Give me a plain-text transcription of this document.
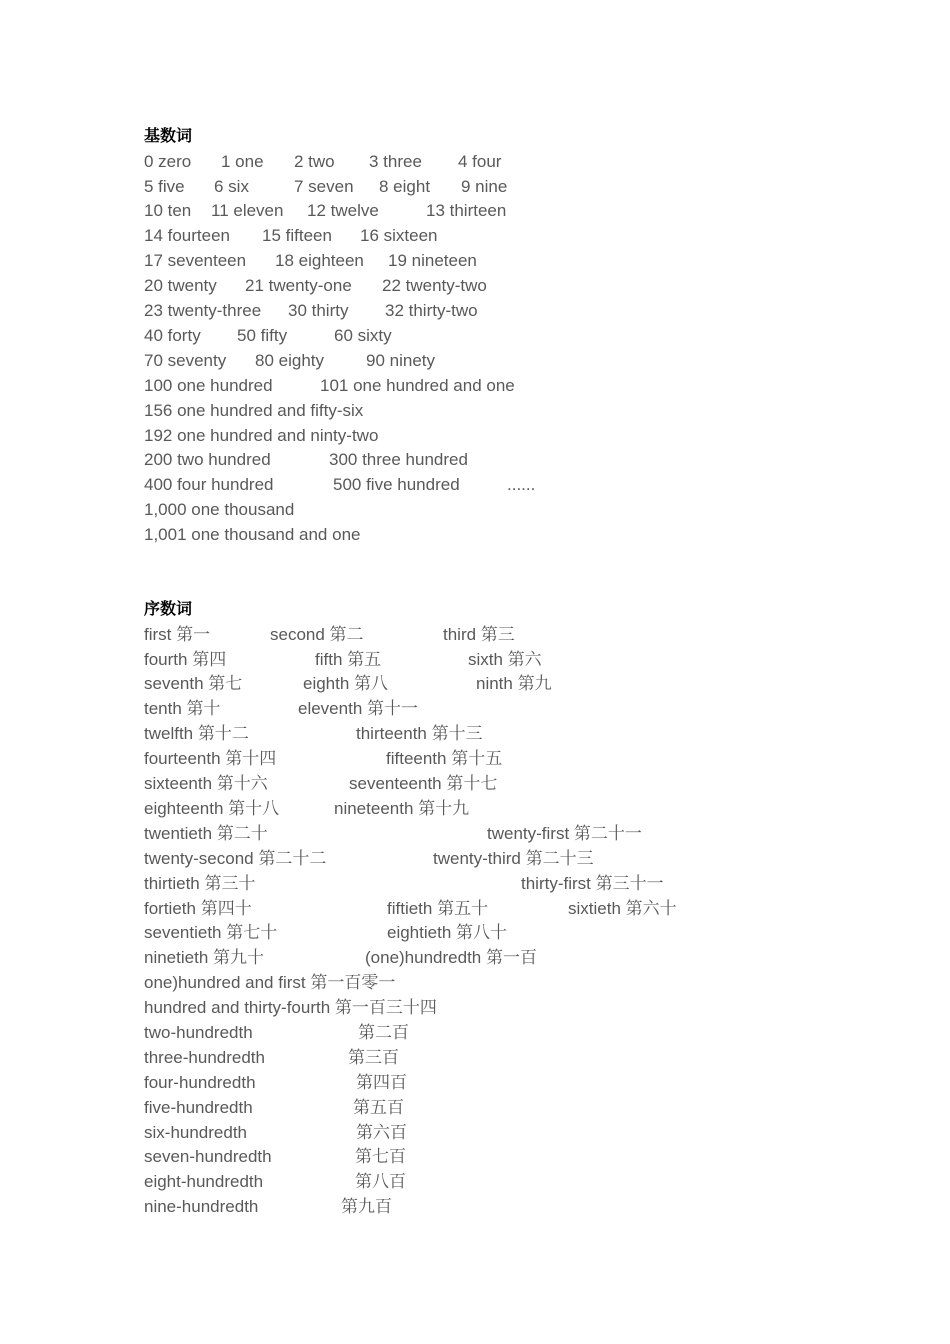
基数词
0 zero 1 one 2 two 3 three 4 four
5 five 6 six	7 seven 8 eight 9 nine
10 ten 11 eleven 12 twelve	13 thirteen
14 fourteen 15 fifteen 16 sixteen
17 seventeen 18 eighteen 19 nineteen
20 twenty 21 twenty-one 22 twenty-two
23 twenty-three 30 thirty 32 thirty-two
40 forty 50 fifty	60 sixty
70 seventy 80 eighty 90 ninety
100 one hundred	101 one hundred and one
156 one hundred and fifty-six
192 one hundred and ninty-two
200 two hundred	300 three hundred
400 four hundred	500 five hundred	......
1,000 one thousand
1,001 one thousand and one
序数词
first 第一	second 第二	third 第三
fourth 第四	fifth 第五	sixth 第六
seventh 第七	eighth 第八	ninth 第九
tenth 第十	eleventh 第十一
twelfth 第十二	thirteenth 第十三
fourteenth 第十四	fifteenth 第十五
sixteenth 第十六	seventeenth 第十七
eighteenth 第十八	nineteenth 第十九
twentieth 第二十	twenty-first 第二十一
twenty-second 第二十二	twenty-third 第二十三
thirtieth 第三十	thirty-first 第三十一
fortieth 第四十	fiftieth 第五十	sixtieth 第六十
seventieth 第七十	eightieth 第八十
ninetieth 第九十	(one)hundredth 第一百
one)hundred and first 第一百零一
hundred and thirty-fourth 第一百三十四
two-hundredth	第二百
three-hundredth	第三百
four-hundredth	第四百
five-hundredth	第五百
six-hundredth	第六百
seven-hundredth	第七百
eight-hundredth	第八百
nine-hundredth	第九百
